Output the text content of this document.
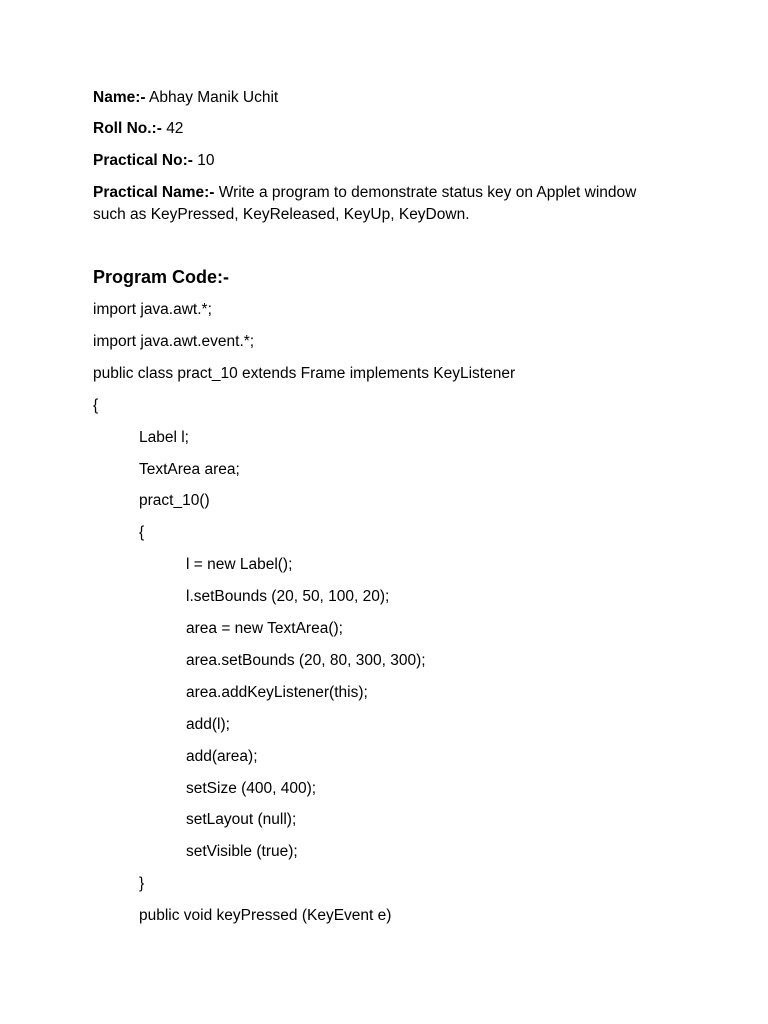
Name:- Abhay Manik Uchit
Roll No.:- 42
Practical No:- 10
Practical Name:- Write a program to demonstrate status key on Applet window such as KeyPressed, KeyReleased, KeyUp, KeyDown.
Program Code:-
import java.awt.*;
import java.awt.event.*;
public class pract_10 extends Frame implements KeyListener
{
Label l;
TextArea area;
pract_10()
{
l = new Label();
l.setBounds (20, 50, 100, 20);
area = new TextArea();
area.setBounds (20, 80, 300, 300);
area.addKeyListener(this);
add(l);
add(area);
setSize (400, 400);
setLayout (null);
setVisible (true);
}
public void keyPressed (KeyEvent e)
